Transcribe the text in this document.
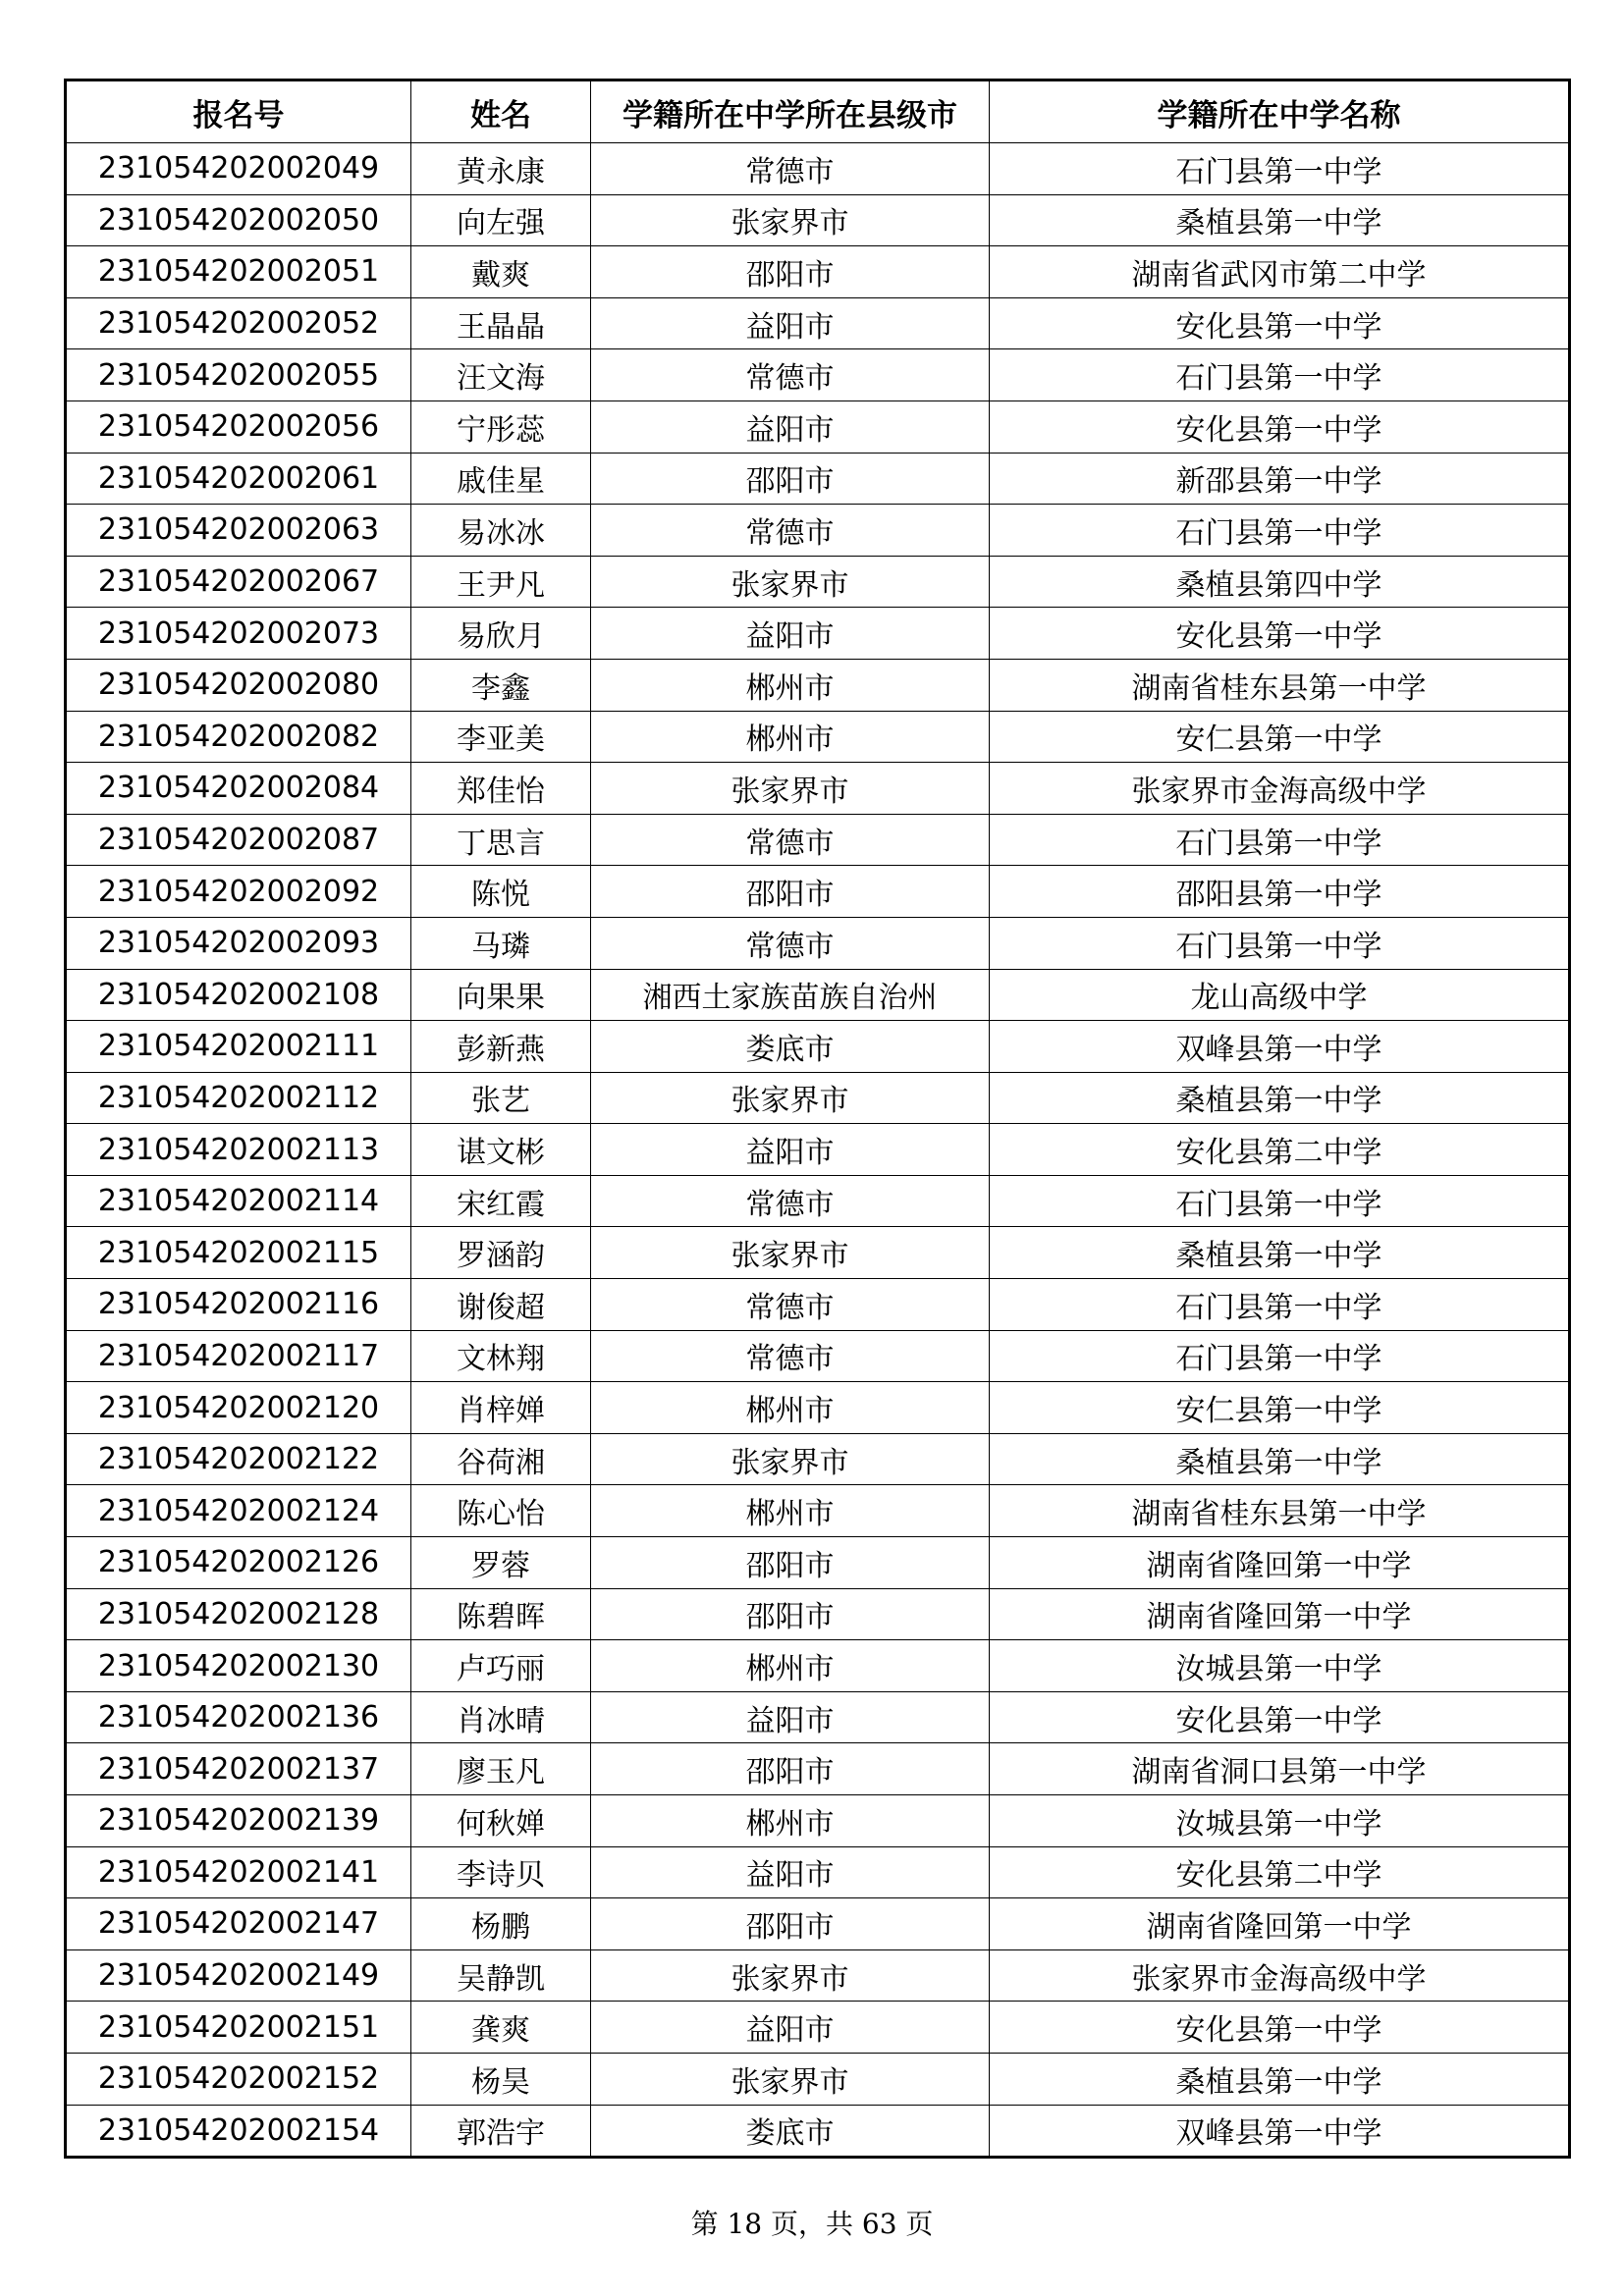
报名号	姓名	学籍所在中学所在县级市	学籍所在中学名称
231054202002049	黄永康	常德市	石门县第一中学
231054202002050	向左强	张家界市	桑植县第一中学
231054202002051	戴爽	邵阳市	湖南省武冈市第二中学
231054202002052	王晶晶	益阳市	安化县第一中学
231054202002055	汪文海	常德市	石门县第一中学
231054202002056	宁彤蕊	益阳市	安化县第一中学
231054202002061	戚佳星	邵阳市	新邵县第一中学
231054202002063	易冰冰	常德市	石门县第一中学
231054202002067	王尹凡	张家界市	桑植县第四中学
231054202002073	易欣月	益阳市	安化县第一中学
231054202002080	李鑫	郴州市	湖南省桂东县第一中学
231054202002082	李亚美	郴州市	安仁县第一中学
231054202002084	郑佳怡	张家界市	张家界市金海高级中学
231054202002087	丁思言	常德市	石门县第一中学
231054202002092	陈悦	邵阳市	邵阳县第一中学
231054202002093	马璘	常德市	石门县第一中学
231054202002108	向果果	湘西土家族苗族自治州	龙山高级中学
231054202002111	彭新燕	娄底市	双峰县第一中学
231054202002112	张艺	张家界市	桑植县第一中学
231054202002113	谌文彬	益阳市	安化县第二中学
231054202002114	宋红霞	常德市	石门县第一中学
231054202002115	罗涵韵	张家界市	桑植县第一中学
231054202002116	谢俊超	常德市	石门县第一中学
231054202002117	文林翔	常德市	石门县第一中学
231054202002120	肖梓婵	郴州市	安仁县第一中学
231054202002122	谷荷湘	张家界市	桑植县第一中学
231054202002124	陈心怡	郴州市	湖南省桂东县第一中学
231054202002126	罗蓉	邵阳市	湖南省隆回第一中学
231054202002128	陈碧晖	邵阳市	湖南省隆回第一中学
231054202002130	卢巧丽	郴州市	汝城县第一中学
231054202002136	肖冰晴	益阳市	安化县第一中学
231054202002137	廖玉凡	邵阳市	湖南省洞口县第一中学
231054202002139	何秋婵	郴州市	汝城县第一中学
231054202002141	李诗贝	益阳市	安化县第二中学
231054202002147	杨鹏	邵阳市	湖南省隆回第一中学
231054202002149	吴静凯	张家界市	张家界市金海高级中学
231054202002151	龚爽	益阳市	安化县第一中学
231054202002152	杨昊	张家界市	桑植县第一中学
231054202002154	郭浩宇	娄底市	双峰县第一中学
第 18 页，共 63 页
